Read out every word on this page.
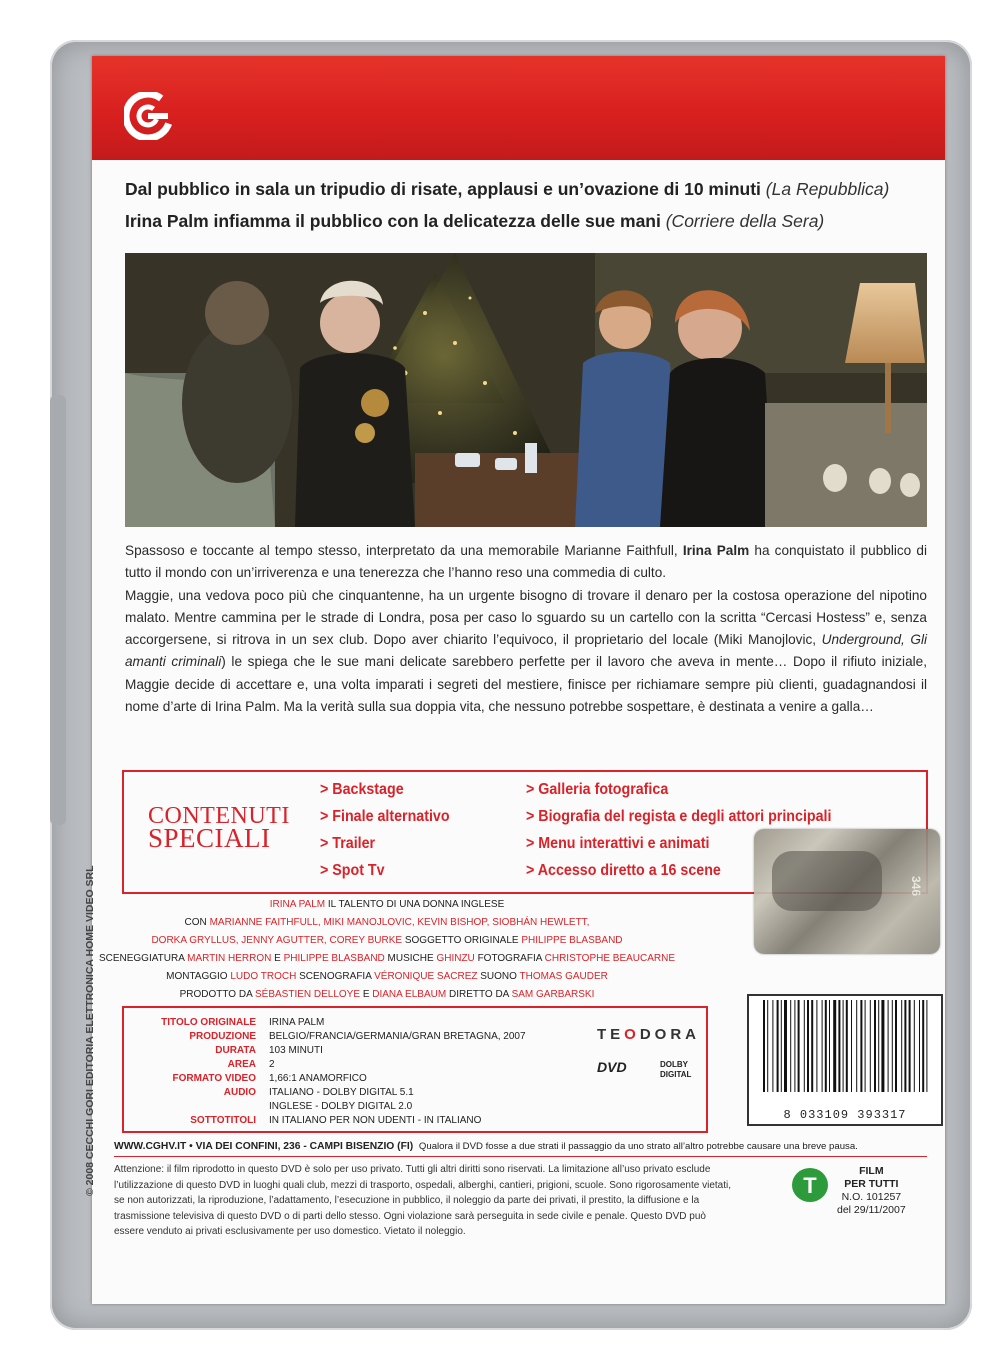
Dal pubblico in sala un tripudio di risate, applausi e un’ovazione di 10 minuti (La Repubblica)
Irina Palm infiamma il pubblico con la delicatezza delle sue mani (Corriere della Sera)

Spassoso e toccante al tempo stesso, interpretato da una memorabile Marianne Faithfull, Irina Palm ha conquistato il pubblico di tutto il mondo con un’irriverenza e una tenerezza che l’hanno reso una commedia di culto.

Maggie, una vedova poco più che cinquantenne, ha un urgente bisogno di trovare il denaro per la costosa operazione del nipotino malato. Mentre cammina per le strade di Londra, posa per caso lo sguardo su un cartello con la scritta “Cercasi Hostess” e, senza accorgersene, si ritrova in un sex club. Dopo aver chiarito l’equivoco, il proprietario del locale (Miki Manojlovic, Underground, Gli amanti criminali) le spiega che le sue mani delicate sarebbero perfette per il lavoro che aveva in mente… Dopo il rifiuto iniziale, Maggie decide di accettare e, una volta imparati i segreti del mestiere, finisce per richiamare sempre più clienti, guadagnandosi il nome d’arte di Irina Palm. Ma la verità sulla sua doppia vita, che nessuno potrebbe sospettare, è destinata a venire a galla…

CONTENUTI
SPECIALI
> Backstage
> Finale alternativo
> Trailer
> Spot Tv
> Galleria fotografica
> Biografia del regista e degli attori principali
> Menu interattivi e animati
> Accesso diretto a 16 scene
346
IRINA PALM IL TALENTO DI UNA DONNA INGLESE
CON MARIANNE FAITHFULL, MIKI MANOJLOVIC, KEVIN BISHOP, SIOBHÁN HEWLETT,
DORKA GRYLLUS, JENNY AGUTTER, COREY BURKE SOGGETTO ORIGINALE PHILIPPE BLASBAND
SCENEGGIATURA MARTIN HERRON E PHILIPPE BLASBAND MUSICHE GHINZU FOTOGRAFIA CHRISTOPHE BEAUCARNE
MONTAGGIO LUDO TROCH SCENOGRAFIA VÉRONIQUE SACREZ SUONO THOMAS GAUDER
PRODOTTO DA SÉBASTIEN DELLOYE E DIANA ELBAUM DIRETTO DA SAM GARBARSKI
TITOLO ORIGINALE IRINA PALM
PRODUZIONE BELGIO/FRANCIA/GERMANIA/GRAN BRETAGNA, 2007
DURATA 103 MINUTI
AREA 2
FORMATO VIDEO 1,66:1 ANAMORFICO
AUDIO ITALIANO - DOLBY DIGITAL 5.1
INGLESE - DOLBY DIGITAL 2.0
SOTTOTITOLI IN ITALIANO PER NON UDENTI - IN ITALIANO
TEODORA
DVD	DOLBY
DIGITAL
8 033109 393317
WWW.CGHV.IT • VIA DEI CONFINI, 236 - CAMPI BISENZIO (FI) Qualora il DVD fosse a due strati il passaggio da uno strato all’altro potrebbe causare una breve pausa.
Attenzione: il film riprodotto in questo DVD è solo per uso privato. Tutti gli altri diritti sono riservati. La limitazione all’uso privato esclude l’utilizzazione di questo DVD in luoghi quali club, mezzi di trasporto, ospedali, alberghi, cantieri, prigioni, scuole. Sono rigorosamente vietati, se non autorizzati, la riproduzione, l’adattamento, l’esecuzione in pubblico, il noleggio da parte dei privati, il prestito, la diffusione e la trasmissione televisiva di questo DVD o di parti dello stesso. Ogni violazione sarà perseguita in sede civile e penale. Questo DVD può essere venduto ai privati esclusivamente per uso domestico. Vietato il noleggio.
© 2008 CECCHI GORI EDITORIA ELETTRONICA HOME VIDEO SRL	T
FILM
PER TUTTI
N.O. 101257
del 29/11/2007
